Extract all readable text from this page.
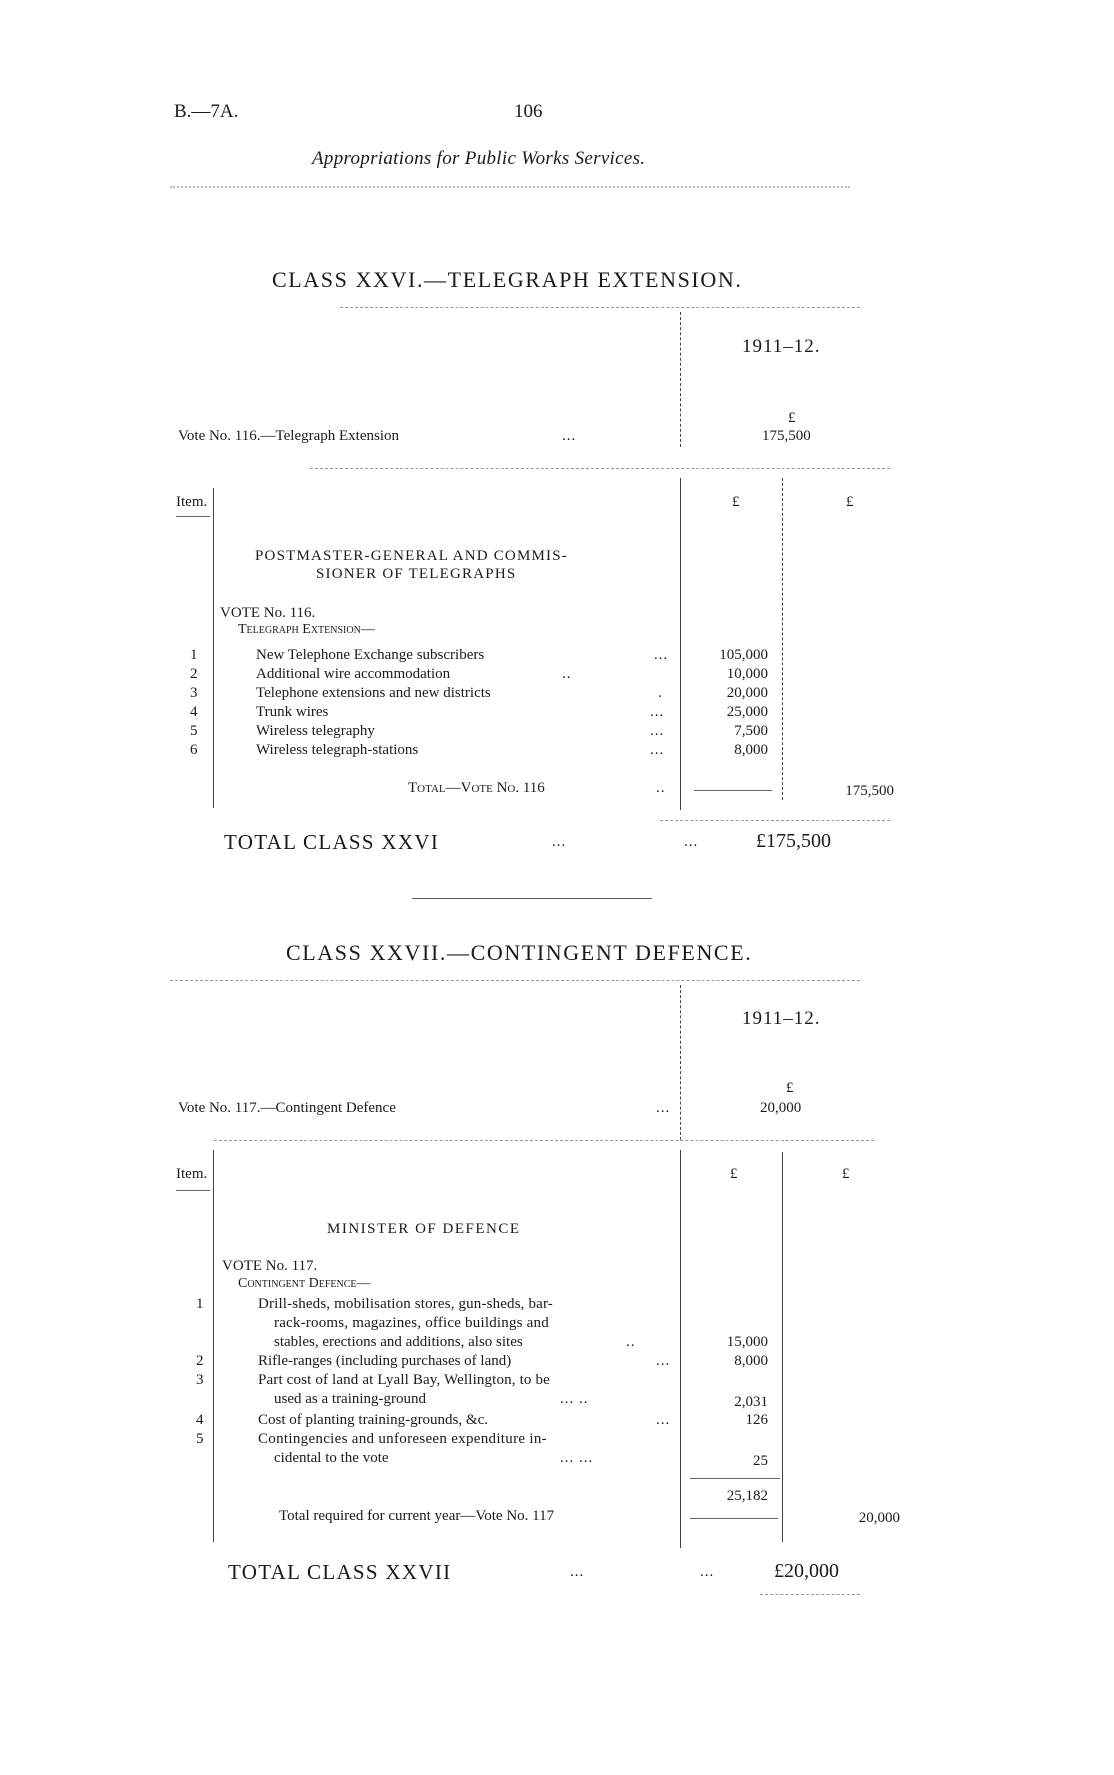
B.—7A.	106
Appropriations for Public Works Services.
CLASS XXVI.—TELEGRAPH EXTENSION.
1911–12.
£
Vote No. 116.—Telegraph Extension	...	175,500
Item.	£	£
POSTMASTER-GENERAL AND COMMIS-
SIONER OF TELEGRAPHS
VOTE No. 116.
Telegraph Extension—
1	New Telephone Exchange subscribers	...	105,000
2	Additional wire accommodation	..	10,000
3	Telephone extensions and new districts	.	20,000
4	Trunk wires	...	25,000
5	Wireless telegraphy	...	7,500
6	Wireless telegraph-stations	...	8,000
Total—Vote No. 116	..	175,500
TOTAL CLASS XXVI	...	...	£175,500
CLASS XXVII.—CONTINGENT DEFENCE.
1911–12.
£
Vote No. 117.—Contingent Defence	...	20,000
Item.	£	£
MINISTER OF DEFENCE
VOTE No. 117.
Contingent Defence—
1	Drill-sheds, mobilisation stores, gun-sheds, bar-
rack-rooms, magazines, office buildings and
stables, erections and additions, also sites	..	15,000
2	Rifle-ranges (including purchases of land)	...	8,000
3	Part cost of land at Lyall Bay, Wellington, to be
used as a training-ground	... ..	2,031
4	Cost of planting training-grounds, &c.	...	126
5	Contingencies and unforeseen expenditure in-
cidental to the vote	... ...	25
25,182
Total required for current year—Vote No. 117	20,000
TOTAL CLASS XXVII	...	...	£20,000
